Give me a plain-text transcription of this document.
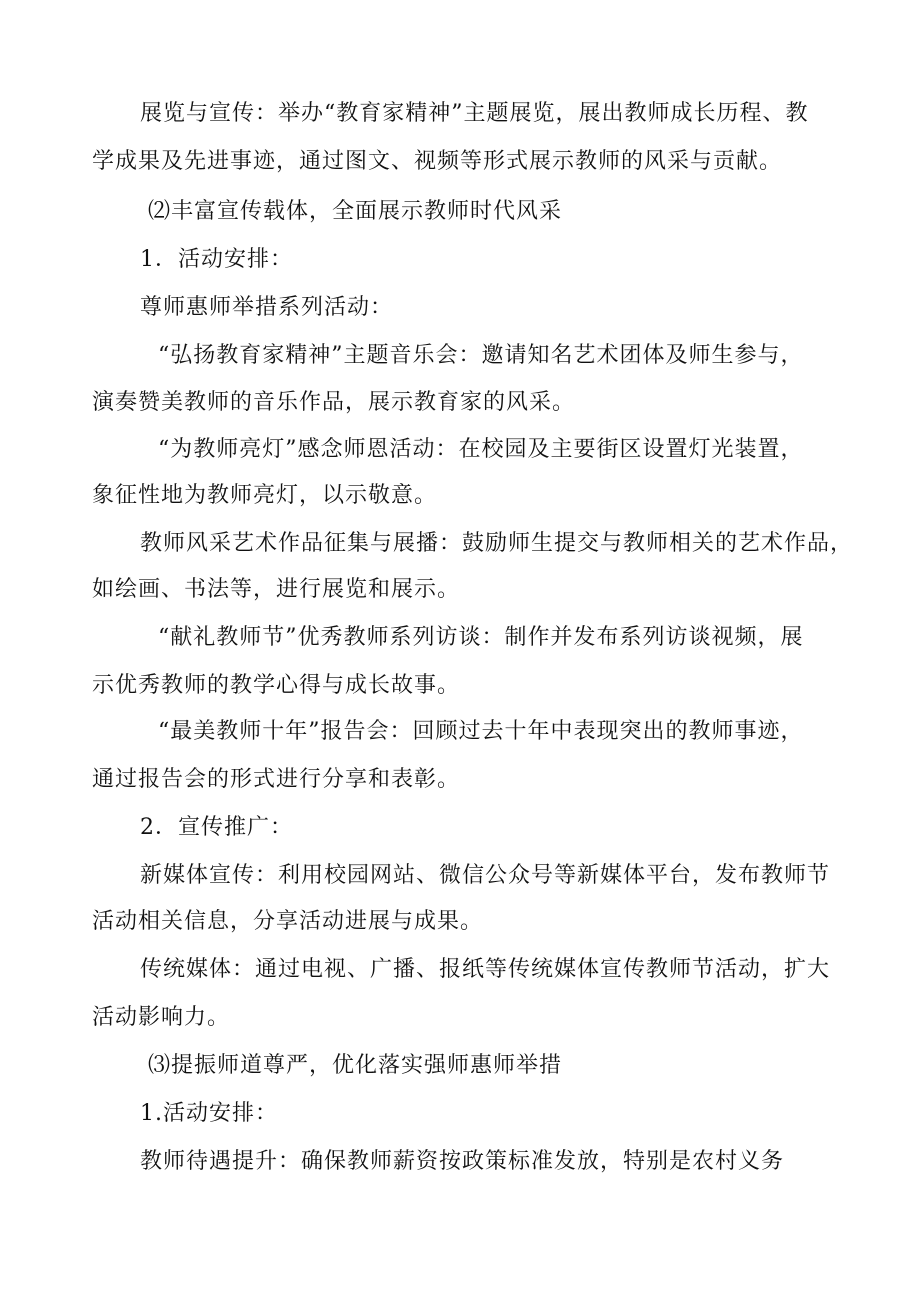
展览与宣传：举办“教育家精神”主题展览，展出教师成长历程、教
学成果及先进事迹，通过图文、视频等形式展示教师的风采与贡献。
⑵丰富宣传载体，全面展示教师时代风采
1．活动安排：
尊师惠师举措系列活动：
“弘扬教育家精神”主题音乐会：邀请知名艺术团体及师生参与，
演奏赞美教师的音乐作品，展示教育家的风采。
“为教师亮灯”感念师恩活动：在校园及主要街区设置灯光装置，
象征性地为教师亮灯，以示敬意。
教师风采艺术作品征集与展播：鼓励师生提交与教师相关的艺术作品，
如绘画、书法等，进行展览和展示。
“献礼教师节”优秀教师系列访谈：制作并发布系列访谈视频，展
示优秀教师的教学心得与成长故事。
“最美教师十年”报告会：回顾过去十年中表现突出的教师事迹，
通过报告会的形式进行分享和表彰。
2．宣传推广：
新媒体宣传：利用校园网站、微信公众号等新媒体平台，发布教师节
活动相关信息，分享活动进展与成果。
传统媒体：通过电视、广播、报纸等传统媒体宣传教师节活动，扩大
活动影响力。
⑶提振师道尊严，优化落实强师惠师举措
1.活动安排：
教师待遇提升：确保教师薪资按政策标准发放，特别是农村义务
